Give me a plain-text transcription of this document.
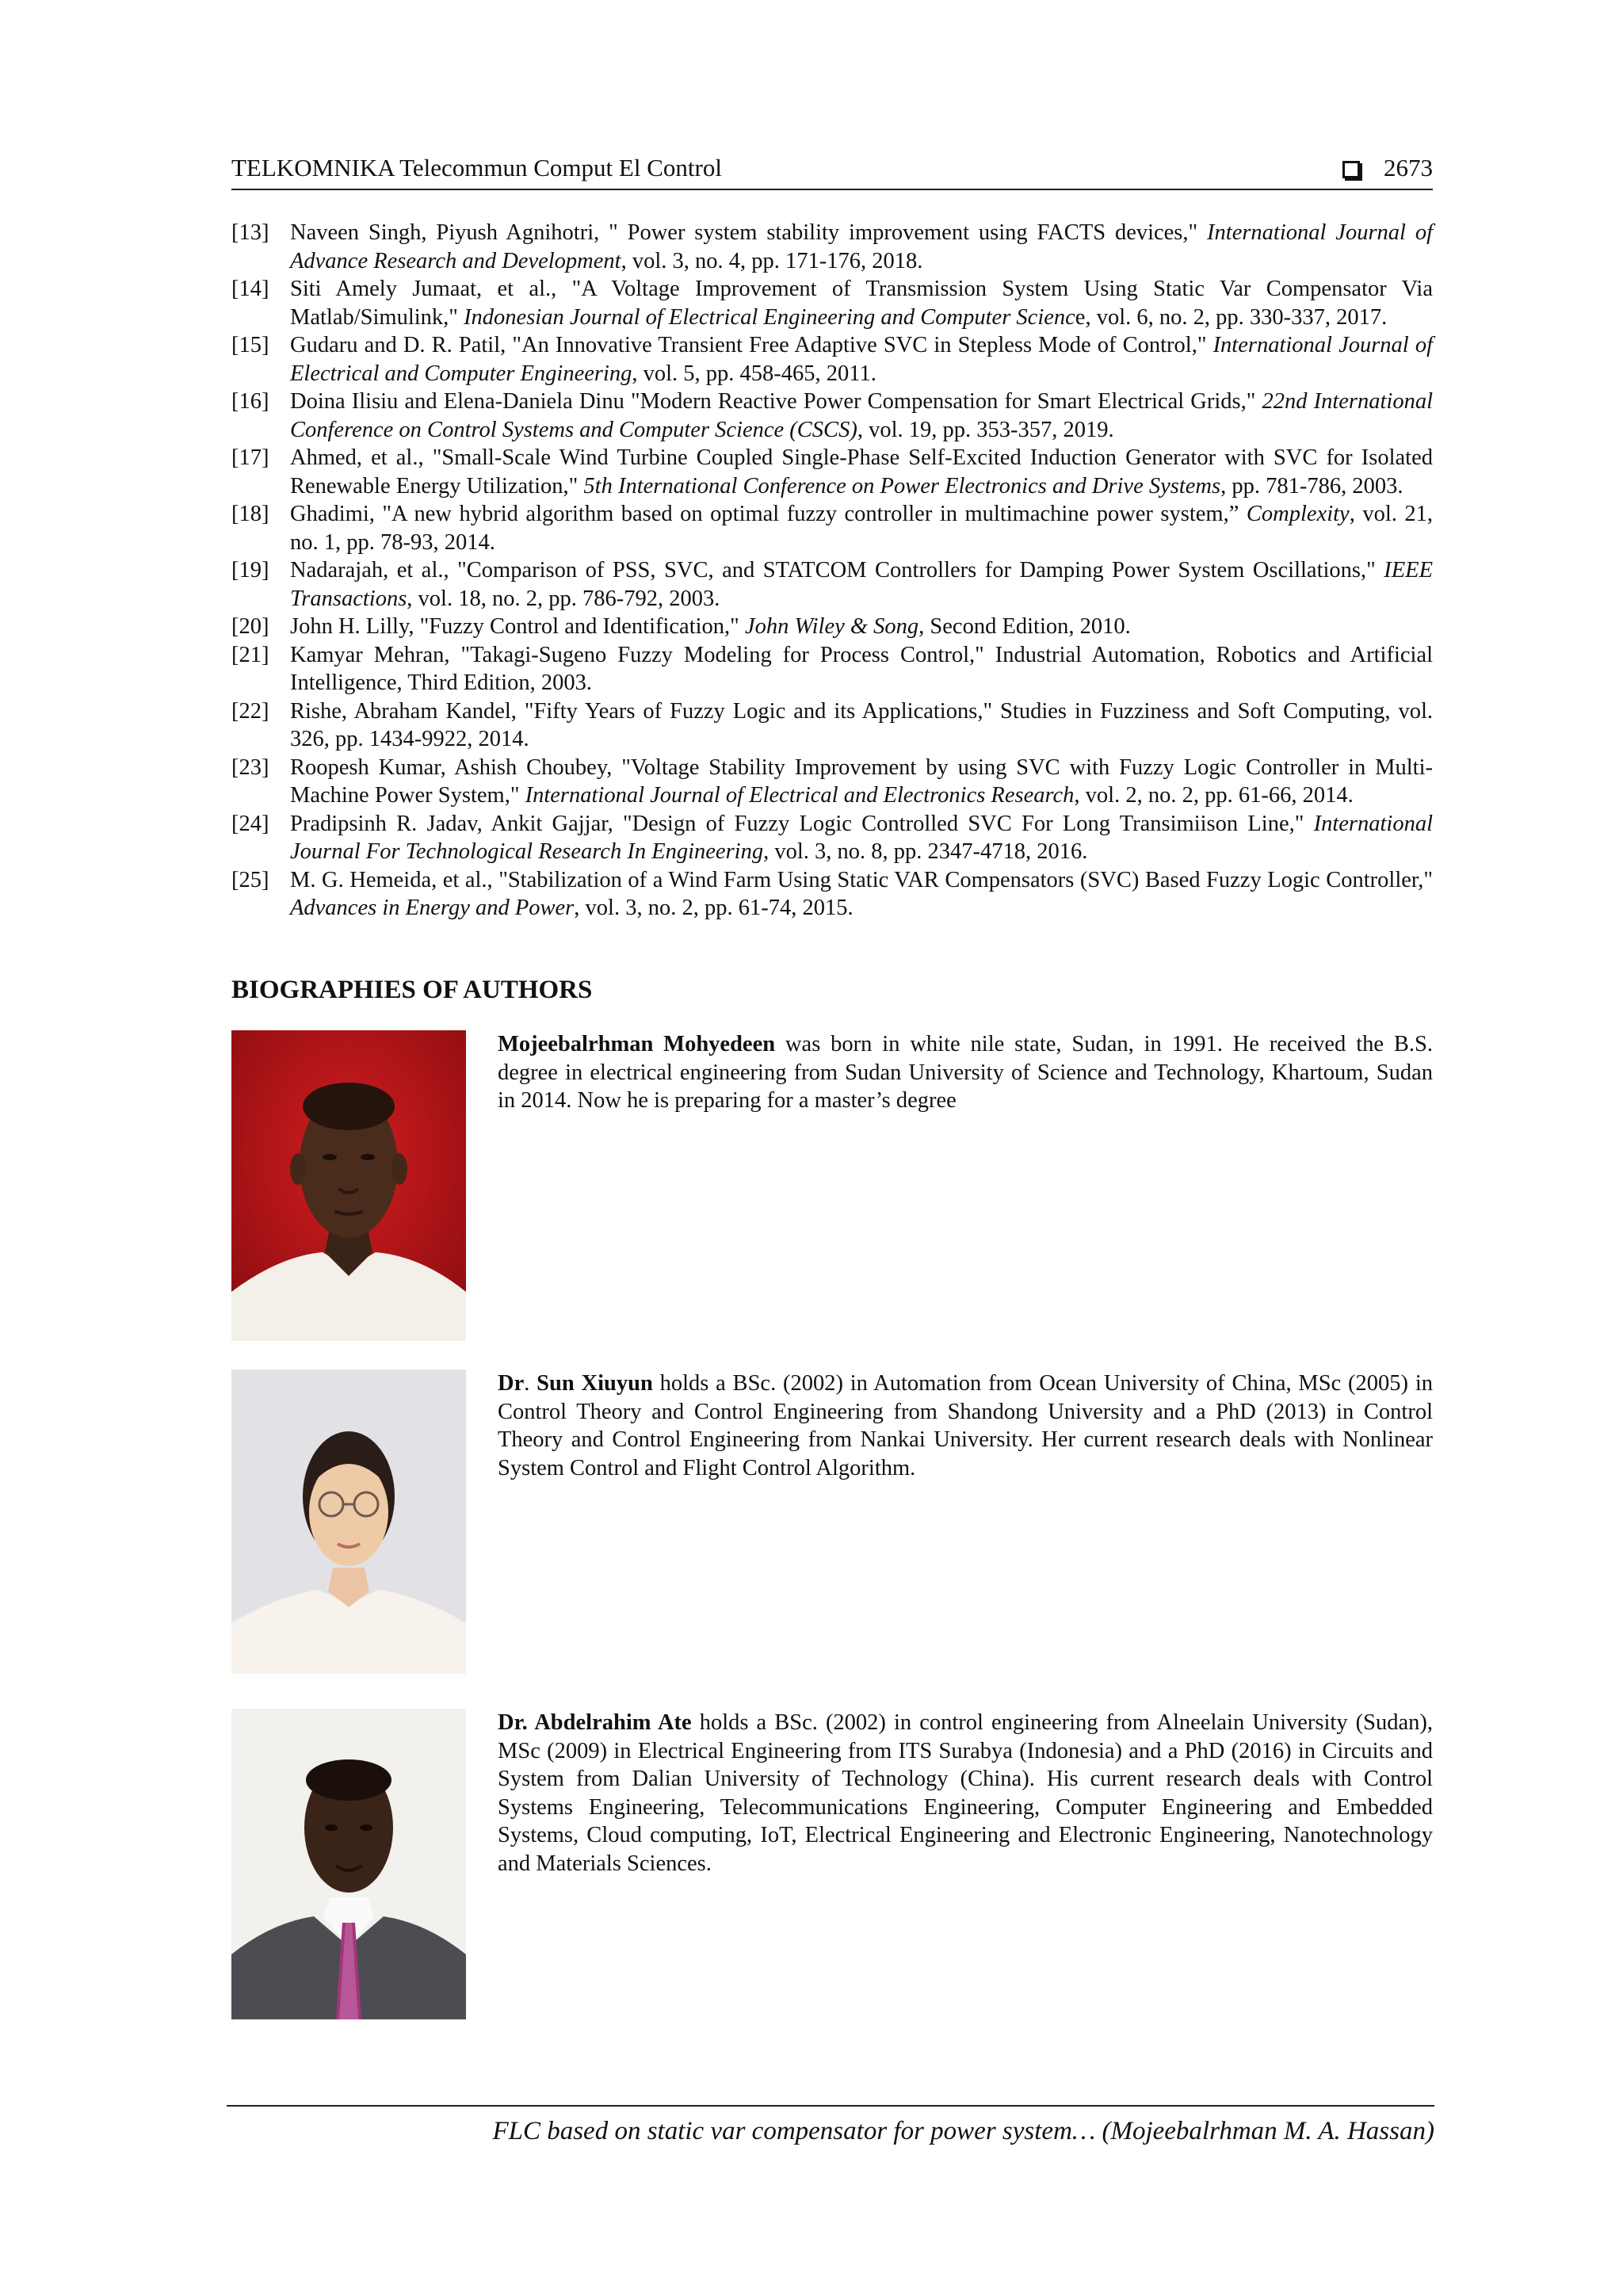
TELKOMNIKA Telecommun Comput El Control	2673
[13] Naveen Singh, Piyush Agnihotri, " Power system stability improvement using FACTS devices," International Journal of Advance Research and Development, vol. 3, no. 4, pp. 171-176, 2018.
[14] Siti Amely Jumaat, et al., "A Voltage Improvement of Transmission System Using Static Var Compensator Via Matlab/Simulink," Indonesian Journal of Electrical Engineering and Computer Science, vol. 6, no. 2, pp. 330-337, 2017.
[15] Gudaru and D. R. Patil, "An Innovative Transient Free Adaptive SVC in Stepless Mode of Control," International Journal of Electrical and Computer Engineering, vol. 5, pp. 458-465, 2011.
[16] Doina Ilisiu and Elena-Daniela Dinu "Modern Reactive Power Compensation for Smart Electrical Grids," 22nd International Conference on Control Systems and Computer Science (CSCS), vol. 19, pp. 353-357, 2019.
[17] Ahmed, et al., "Small-Scale Wind Turbine Coupled Single-Phase Self-Excited Induction Generator with SVC for Isolated Renewable Energy Utilization," 5th International Conference on Power Electronics and Drive Systems, pp. 781-786, 2003.
[18] Ghadimi, "A new hybrid algorithm based on optimal fuzzy controller in multimachine power system,” Complexity, vol. 21, no. 1, pp. 78-93, 2014.
[19] Nadarajah, et al., "Comparison of PSS, SVC, and STATCOM Controllers for Damping Power System Oscillations," IEEE Transactions, vol. 18, no. 2, pp. 786-792, 2003.
[20] John H. Lilly, "Fuzzy Control and Identification," John Wiley & Song, Second Edition, 2010.
[21] Kamyar Mehran, "Takagi-Sugeno Fuzzy Modeling for Process Control," Industrial Automation, Robotics and Artificial Intelligence, Third Edition, 2003.
[22] Rishe, Abraham Kandel, "Fifty Years of Fuzzy Logic and its Applications," Studies in Fuzziness and Soft Computing, vol. 326, pp. 1434-9922, 2014.
[23] Roopesh Kumar, Ashish Choubey, "Voltage Stability Improvement by using SVC with Fuzzy Logic Controller in Multi-Machine Power System," International Journal of Electrical and Electronics Research, vol. 2, no. 2, pp. 61-66, 2014.
[24] Pradipsinh R. Jadav, Ankit Gajjar, "Design of Fuzzy Logic Controlled SVC For Long Transimiison Line," International Journal For Technological Research In Engineering, vol. 3, no. 8, pp. 2347-4718, 2016.
[25] M. G. Hemeida, et al., "Stabilization of a Wind Farm Using Static VAR Compensators (SVC) Based Fuzzy Logic Controller," Advances in Energy and Power, vol. 3, no. 2, pp. 61-74, 2015.
BIOGRAPHIES OF AUTHORS
Mojeebalrhman Mohyedeen was born in white nile state, Sudan, in 1991. He received the B.S. degree in electrical engineering from Sudan University of Science and Technology, Khartoum, Sudan in 2014. Now he is preparing for a master’s degree
Dr. Sun Xiuyun holds a BSc. (2002) in Automation from Ocean University of China, MSc (2005) in Control Theory and Control Engineering from Shandong University and a PhD (2013) in Control Theory and Control Engineering from Nankai University. Her current research deals with Nonlinear System Control and Flight Control Algorithm.
Dr. Abdelrahim Ate holds a BSc. (2002) in control engineering from Alneelain University (Sudan), MSc (2009) in Electrical Engineering from ITS Surabya (Indonesia) and a PhD (2016) in Circuits and System from Dalian University of Technology (China). His current research deals with Control Systems Engineering, Telecommunications Engineering, Computer Engineering and Embedded Systems, Cloud computing, IoT, Electrical Engineering and Electronic Engineering, Nanotechnology and Materials Sciences.
FLC based on static var compensator for power system… (Mojeebalrhman M. A. Hassan)
